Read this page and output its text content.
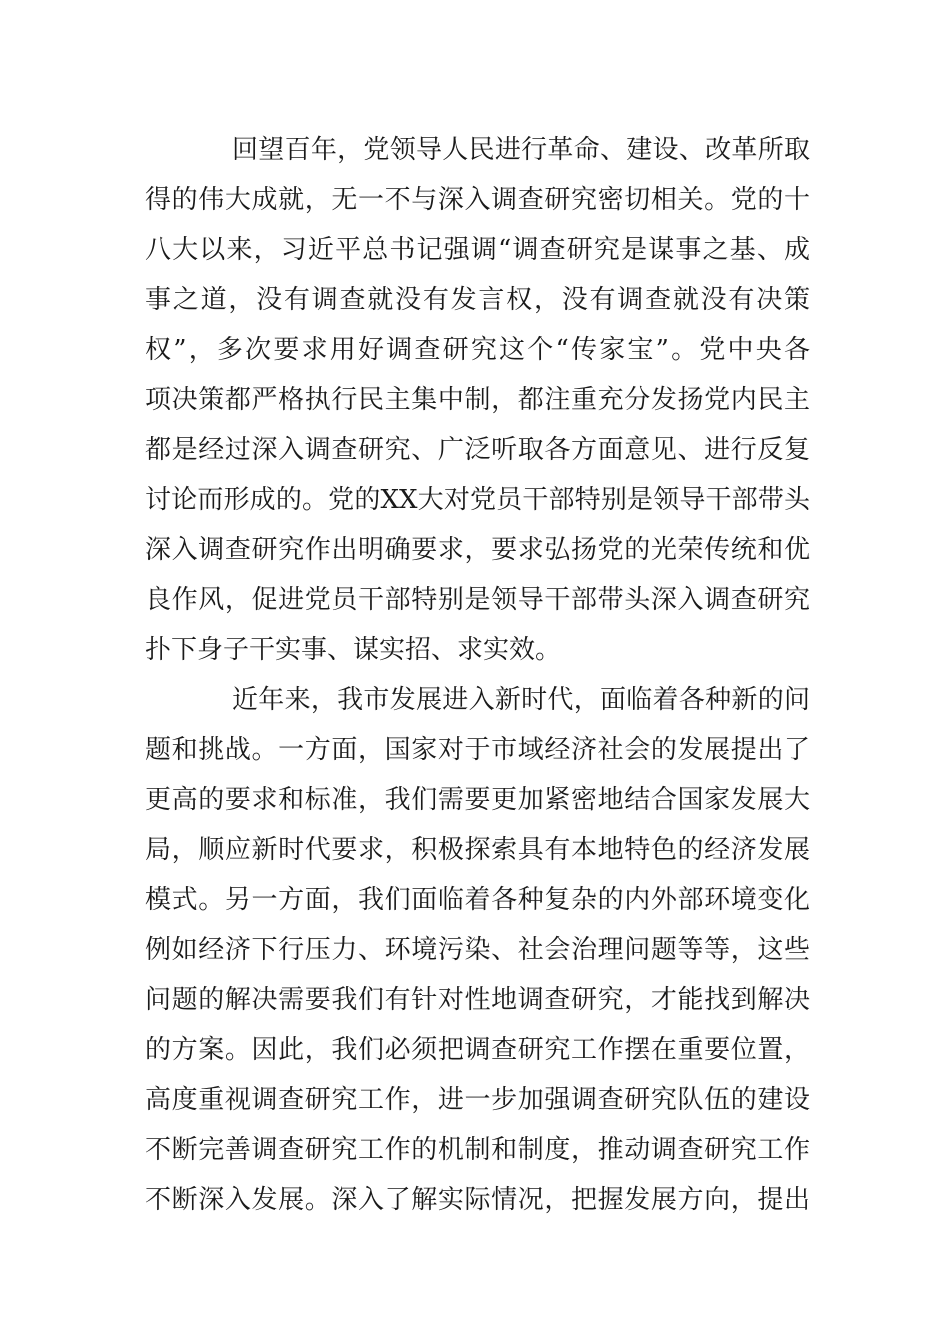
回望百年，党领导人民进行革命、建设、改革所取
得的伟大成就，无一不与深入调查研究密切相关。党的十
八大以来，习近平总书记强调“调查研究是谋事之基、成
事之道，没有调查就没有发言权，没有调查就没有决策
权”，多次要求用好调查研究这个“传家宝”。党中央各
项决策都严格执行民主集中制，都注重充分发扬党内民主
都是经过深入调查研究、广泛听取各方面意见、进行反复
讨论而形成的。党的XX大对党员干部特别是领导干部带头
深入调查研究作出明确要求，要求弘扬党的光荣传统和优
良作风，促进党员干部特别是领导干部带头深入调查研究
扑下身子干实事、谋实招、求实效。
近年来，我市发展进入新时代，面临着各种新的问
题和挑战。一方面，国家对于市域经济社会的发展提出了
更高的要求和标准，我们需要更加紧密地结合国家发展大
局，顺应新时代要求，积极探索具有本地特色的经济发展
模式。另一方面，我们面临着各种复杂的内外部环境变化
例如经济下行压力、环境污染、社会治理问题等等，这些
问题的解决需要我们有针对性地调查研究，才能找到解决
的方案。因此，我们必须把调查研究工作摆在重要位置，
高度重视调查研究工作，进一步加强调查研究队伍的建设
不断完善调查研究工作的机制和制度，推动调查研究工作
不断深入发展。深入了解实际情况，把握发展方向，提出
